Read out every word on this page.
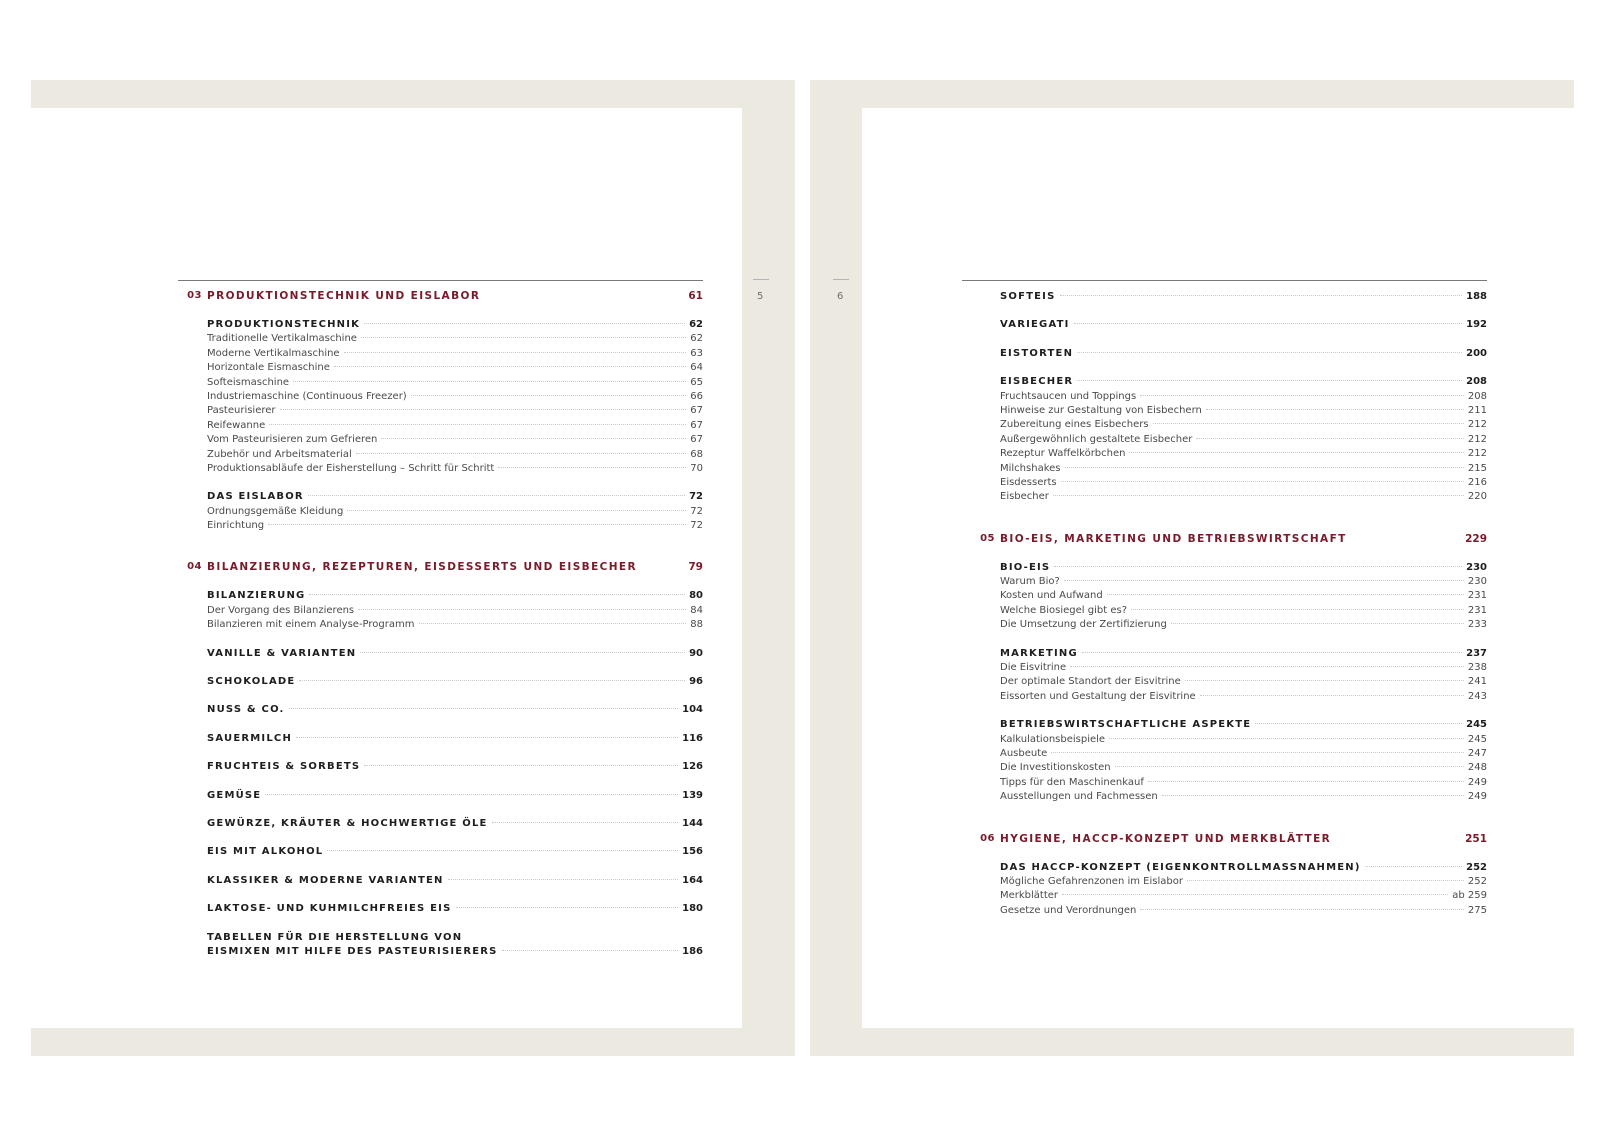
5	6
03 PRODUKTIONSTECHNIK UND EISLABOR	61
PRODUKTIONSTECHNIK	62
Traditionelle Vertikalmaschine	62
Moderne Vertikalmaschine	63
Horizontale Eismaschine	64
Softeismaschine	65
Industriemaschine (Continuous Freezer)	66
Pasteurisierer	67
Reifewanne	67
Vom Pasteurisieren zum Gefrieren	67
Zubehör und Arbeitsmaterial	68
Produktionsabläufe der Eisherstellung – Schritt für Schritt	70
DAS EISLABOR	72
Ordnungsgemäße Kleidung	72
Einrichtung	72
04 BILANZIERUNG, REZEPTUREN, EISDESSERTS UND EISBECHER	79
BILANZIERUNG	80
Der Vorgang des Bilanzierens	84
Bilanzieren mit einem Analyse-Programm	88
VANILLE & VARIANTEN	90
SCHOKOLADE	96
NUSS & CO.	104
SAUERMILCH	116
FRUCHTEIS & SORBETS	126
GEMÜSE	139
GEWÜRZE, KRÄUTER & HOCHWERTIGE ÖLE	144
EIS MIT ALKOHOL	156
KLASSIKER & MODERNE VARIANTEN	164
LAKTOSE- UND KUHMILCHFREIES EIS	180
TABELLEN FÜR DIE HERSTELLUNG VON
EISMIXEN MIT HILFE DES PASTEURISIERERS	186
SOFTEIS	188
VARIEGATI	192
EISTORTEN	200
EISBECHER	208
Fruchtsaucen und Toppings	208
Hinweise zur Gestaltung von Eisbechern	211
Zubereitung eines Eisbechers	212
Außergewöhnlich gestaltete Eisbecher	212
Rezeptur Waffelkörbchen	212
Milchshakes	215
Eisdesserts	216
Eisbecher	220
05 BIO-EIS, MARKETING UND BETRIEBSWIRTSCHAFT	229
BIO-EIS	230
Warum Bio?	230
Kosten und Aufwand	231
Welche Biosiegel gibt es?	231
Die Umsetzung der Zertifizierung	233
MARKETING	237
Die Eisvitrine	238
Der optimale Standort der Eisvitrine	241
Eissorten und Gestaltung der Eisvitrine	243
BETRIEBSWIRTSCHAFTLICHE ASPEKTE	245
Kalkulationsbeispiele	245
Ausbeute	247
Die Investitionskosten	248
Tipps für den Maschinenkauf	249
Ausstellungen und Fachmessen	249
06 HYGIENE, HACCP-KONZEPT UND MERKBLÄTTER	251
DAS HACCP-KONZEPT (EIGENKONTROLLMASSNAHMEN)	252
Mögliche Gefahrenzonen im Eislabor	252
Merkblätter	ab 259
Gesetze und Verordnungen	275
